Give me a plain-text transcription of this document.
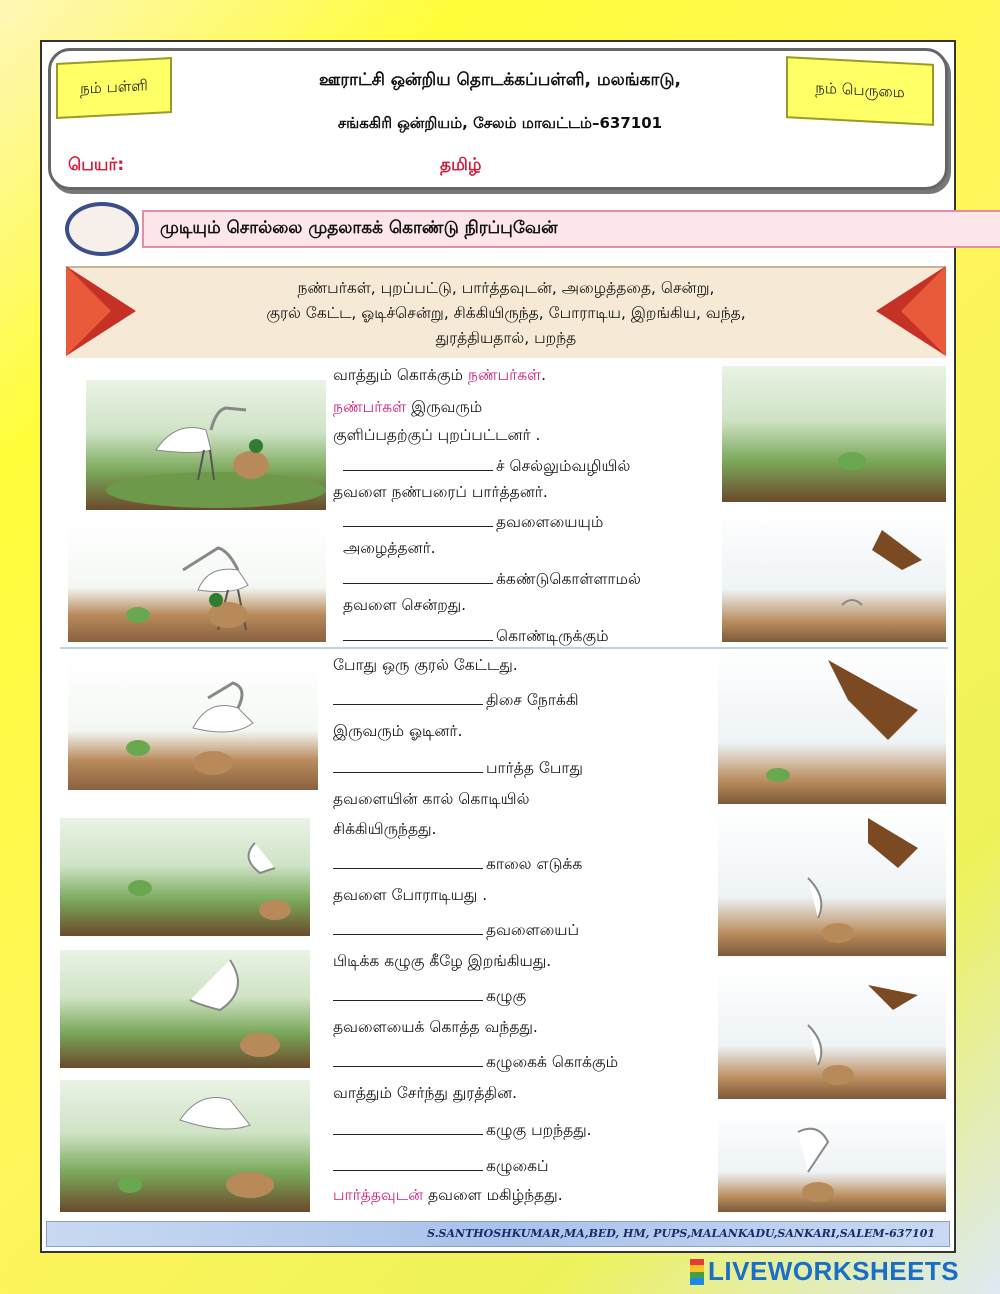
நம் பள்ளி	நம் பெருமை
ஊராட்சி ஒன்றிய தொடக்கப்பள்ளி, மலங்காடு,
சங்ககிரி ஒன்றியம், சேலம் மாவட்டம்–637101
பெயர்:	தமிழ்
முடியும் சொல்லை முதலாகக் கொண்டு நிரப்புவேன்
நண்பர்கள், புறப்பட்டு, பார்த்தவுடன், அழைத்ததை, சென்று,
குரல் கேட்ட, ஓடிச்சென்று, சிக்கியிருந்த, போராடிய, இறங்கிய, வந்த,
துரத்தியதால், பறந்த
வாத்தும் கொக்கும் நண்பர்கள்.
நண்பர்கள் இருவரும்
குளிப்பதற்குப் புறப்பட்டனர் .
ச் செல்லும்வழியில்
தவளை நண்பரைப் பார்த்தனர்.
தவளையையும்
அழைத்தனர்.
க்கண்டுகொள்ளாமல்
தவளை சென்றது.
கொண்டிருக்கும்
போது ஒரு குரல் கேட்டது.
திசை நோக்கி
இருவரும் ஓடினர்.
பார்த்த போது
தவளையின் கால் கொடியில்
சிக்கியிருந்தது.
காலை எடுக்க
தவளை போராடியது .
தவளையைப்
பிடிக்க கழுகு கீழே இறங்கியது.
கழுகு
தவளையைக் கொத்த வந்தது.
கழுகைக் கொக்கும்
வாத்தும் சேர்ந்து துரத்தின.
கழுகு பறந்தது.
கழுகைப்
பார்த்தவுடன் தவளை மகிழ்ந்தது.
S.SANTHOSHKUMAR,MA,BED, HM, PUPS,MALANKADU,SANKARI,SALEM-637101
LIVEWORKSHEETS
